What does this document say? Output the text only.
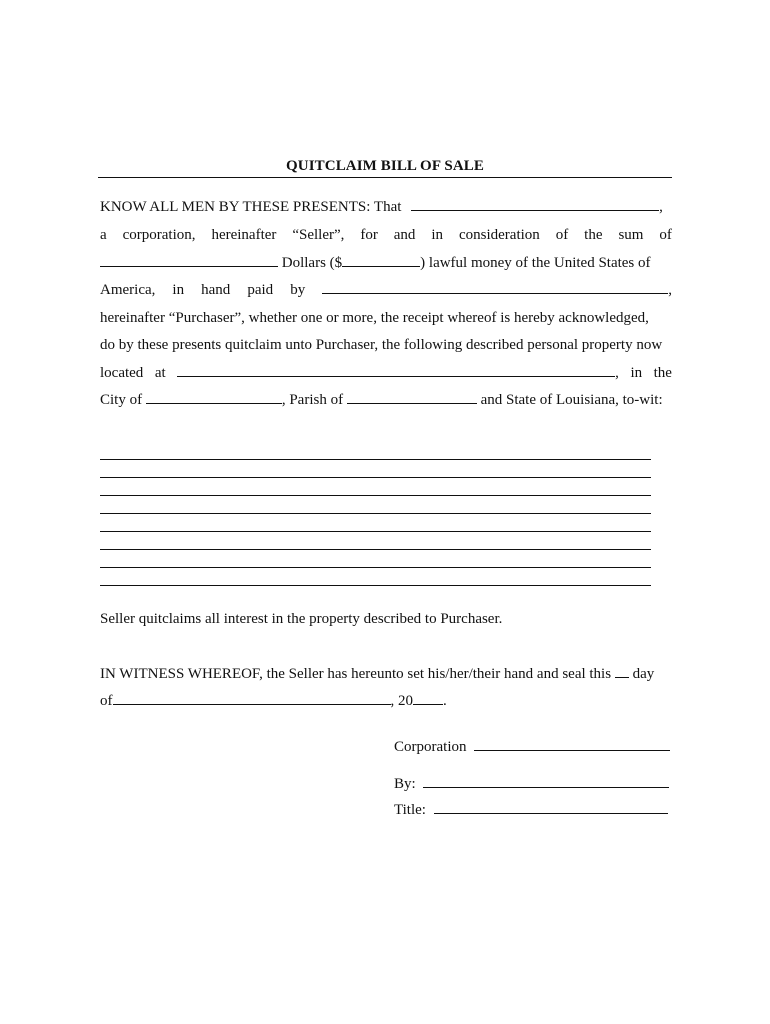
QUITCLAIM BILL OF SALE
KNOW ALL MEN BY THESE PRESENTS: That	,
a corporation, hereinafter “Seller”, for and in consideration of the sum of
Dollars ($	) lawful money of the United States of
America, in hand paid by	,
hereinafter “Purchaser”, whether one or more, the receipt whereof is hereby acknowledged,
do by these presents quitclaim unto Purchaser, the following described personal property now
located at	, in the
City of	, Parish of	and State of Louisiana, to-wit:
Seller quitclaims all interest in the property described to Purchaser.
IN WITNESS WHEREOF, the Seller has hereunto set his/her/their hand and seal this day
of	, 20 .
Corporation
By:
Title:
